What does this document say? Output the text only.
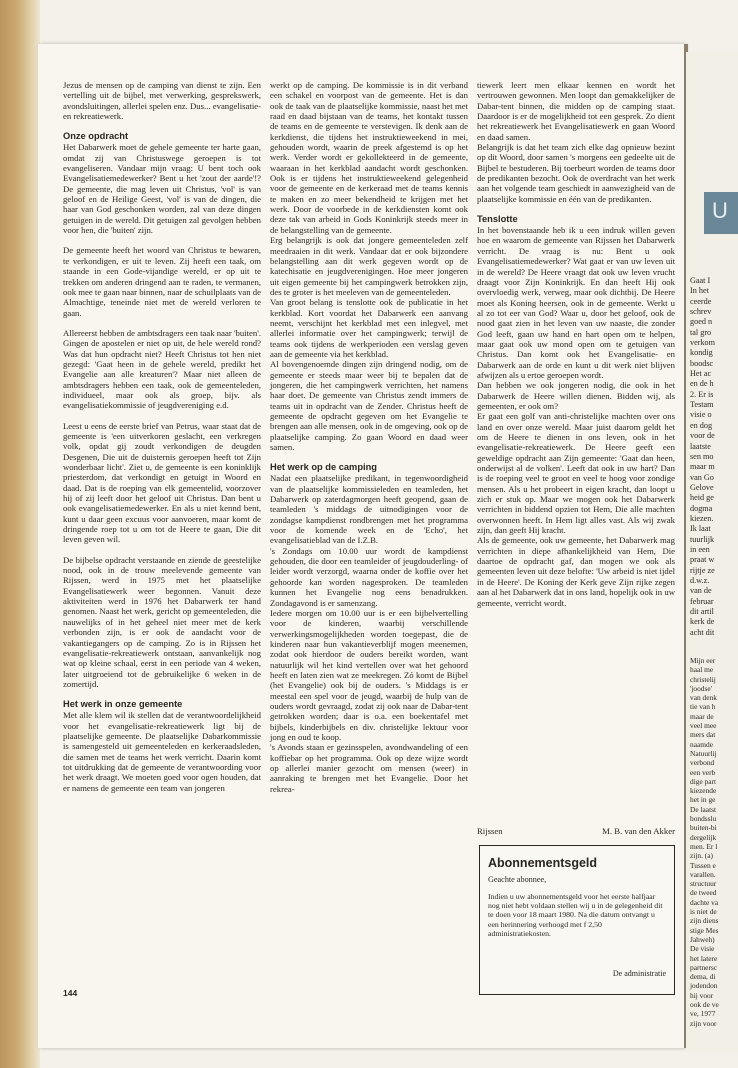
Jezus de mensen op de camping van dienst te zijn. Een vertelling uit de bijbel, met verwerking, gesprekswerk, avondsluitingen, allerlei spelen enz. Dus... evangelisatie- en rekreatiewerk.

Onze opdracht

Het Dabarwerk moet de gehele gemeente ter harte gaan, omdat zij van Christuswege geroepen is tot evangeliseren. Vandaar mijn vraag: U bent toch ook Evangelisatiemedewerker? Bent u het 'zout der aarde'!? De gemeente, die mag leven uit Christus, 'vol' is van geloof en de Heilige Geest, 'vol' is van de dingen, die haar van God geschonken worden, zal van deze dingen getuigen in de wereld. Dit getuigen zal gevolgen hebben voor hen, die 'buiten' zijn.

De gemeente heeft het woord van Christus te bewaren, te verkondigen, er uit te leven. Zij heeft een taak, om staande in een Gode-vijandige wereld, er op uit te trekken om anderen dringend aan te raden, te vermanen, ook mee te gaan naar binnen, naar de schuilplaats van de Almachtige, teneinde niet met de wereld verloren te gaan.

Allereerst hebben de ambtsdragers een taak naar 'buiten'. Gingen de apostelen er niet op uit, de hele wereld rond? Was dat hun opdracht niet? Heeft Christus tot hen niet gezegd: 'Gaat heen in de gehele wereld, predikt het Evangelie aan alle kreaturen'? Maar niet alleen de ambtsdragers hebben een taak, ook de gemeenteleden, individueel, maar ook als groep, bijv. als evangelisatiekommissie of jeugdvereniging e.d.

Leest u eens de eerste brief van Petrus, waar staat dat de gemeente is 'een uitverkoren geslacht, een verkregen volk, opdat gij zoudt verkondigen de deugden Desgenen, Die uit de duisternis geroepen heeft tot Zijn wonderbaar licht'. Ziet u, de gemeente is een koninklijk priesterdom, dat verkondigt en getuigt in Woord en daad. Dat is de roeping van elk gemeentelid, voorzover hij of zij leeft door het geloof uit Christus. Dan bent u ook evangelisatiemedewerker. En als u niet kennd bent, kunt u daar geen excuus voor aanvoeren, maar komt de dringende roep tot u om tot de Heere te gaan, Die dit leven geven wil.

De bijbelse opdracht verstaande en ziende de geestelijke nood, ook in de trouw meelevende gemeente van Rijssen, werd in 1975 met het plaatselijke Evangelisatiewerk weer begonnen. Vanuit deze aktiviteiten werd in 1976 het Dabarwerk ter hand genomen. Naast het werk, gericht op gemeenteleden, die nauwelijks of in het geheel niet meer met de kerk verbonden zijn, is er ook de aandacht voor de vakantiegangers op de camping. Zo is in Rijssen het evangelisatie-rekreatiewerk ontstaan, aanvankelijk nog wat op kleine schaal, eerst in een periode van 4 weken, later uitgroeiend tot de gebruikelijke 6 weken in de zomertijd.

Het werk in onze gemeente

Met alle klem wil ik stellen dat de verantwoordelijkheid voor het evangelisatie-rekreatiewerk ligt bij de plaatselijke gemeente. De plaatselijke Dabarkommissie is samengesteld uit gemeenteleden en kerkeraadsleden, die samen met de teams het werk verricht. Daarin komt tot uitdrukking dat de gemeente de verantwoording voor het werk draagt. We moeten goed voor ogen houden, dat er namens de gemeente een team van jongeren

werkt op de camping. De kommissie is in dit verband een schakel en voorpost van de gemeente. Het is dan ook de taak van de plaatselijke kommissie, naast het met raad en daad bijstaan van de teams, het kontakt tussen de teams en de gemeente te verstevigen. Ik denk aan de kerkdienst, die tijdens het instruktieweekend in mei, gehouden wordt, waarin de preek afgestemd is op het werk. Verder wordt er gekollekteerd in de gemeente, waaraan in het kerkblad aandacht wordt geschonken. Ook is er tijdens het instruktieweekend gelegenheid voor de gemeente en de kerkeraad met de teams kennis te maken en zo meer bekendheid te krijgen met het werk. Door de voorbede in de kerkdiensten komt ook deze tak van arbeid in Gods Koninkrijk steeds meer in de belangstelling van de gemeente.

Erg belangrijk is ook dat jongere gemeenteleden zelf meedraaien in dit werk. Vandaar dat er ook bijzondere belangstelling aan dit werk gegeven wordt op de katechisatie en jeugdverenigingen. Hoe meer jongeren uit eigen gemeente bij het campingwerk betrokken zijn, des te groter is het meeleven van de gemeenteleden.

Van groot belang is tenslotte ook de publicatie in het kerkblad. Kort voordat het Dabarwerk een aanvang neemt, verschijnt het kerkblad met een inlegvel, met allerlei informatie over het campingwerk; terwijl de teams ook tijdens de werkperioden een verslag geven aan de gemeente via het kerkblad.

Al bovengenoemde dingen zijn dringend nodig, om de gemeente er steeds maar weer bij te bepalen dat de jongeren, die het campingwerk verrichten, het namens haar doet. De gemeente van Christus zendt immers de teams uit in opdracht van de Zender. Christus heeft de gemeente de opdracht gegeven om het Evangelie te brengen aan alle mensen, ook in de omgeving, ook op de plaatselijke camping. Zo gaan Woord en daad weer samen.

Het werk op de camping

Nadat een plaatselijke predikant, in tegenwoordigheid van de plaatselijke kommissieleden en teamleden, het Dabarwerk op zaterdagmorgen heeft geopend, gaan de teamleden 's middags de uitnodigingen voor de zondagse kampdienst rondbrengen met het programma voor de komende week en de 'Echo', het evangelisatieblad van de I.Z.B.

's Zondags om 10.00 uur wordt de kampdienst gehouden, die door een teamleider of jeugdouderling- of leider wordt verzorgd, waarna onder de koffie over het gehoorde kan worden nagesproken. De teamleden kunnen het Evangelie nog eens benadrukken. Zondagavond is er samenzang.

Iedere morgen om 10.00 uur is er een bijbelvertelling voor de kinderen, waarbij verschillende verwerkingsmogelijkheden worden toegepast, die de kinderen naar hun vakantieverblijf mogen meenemen, zodat ook hierdoor de ouders bereikt worden, want natuurlijk wil het kind vertellen over wat het gehoord heeft en laten zien wat ze meekregen. Zó komt de Bijbel (het Evangelie) ook bij de ouders. 's Middags is er meestal een spel voor de jeugd, waarbij de hulp van de ouders wordt gevraagd, zodat zij ook naar de Dabar-tent getrokken worden; daar is o.a. een boekentafel met bijbels, kinderbijbels en div. christelijke lektuur voor jong en oud te koop.

's Avonds staan er gezinsspelen, avondwandeling of een koffiebar op het programma. Ook op deze wijze wordt op allerlei manier gezocht om mensen (weer) in aanraking te brengen met het Evangelie. Door het rekrea-

tiewerk leert men elkaar kennen en wordt het vertrouwen gewonnen. Men loopt dan gemakkelijker de Dabar-tent binnen, die midden op de camping staat. Daardoor is er de mogelijkheid tot een gesprek. Zo dient het rekreatiewerk het Evangelisatiewerk en gaan Woord en daad samen.

Belangrijk is dat het team zich elke dag opnieuw bezint op dit Woord, door samen 's morgens een gedeelte uit de Bijbel te bestuderen. Bij toerbeurt worden de teams door de predikanten bezocht. Ook de overdracht van het werk aan het volgende team geschiedt in aanwezigheid van de plaatselijke kommissie en één van de predikanten.

Tenslotte

In het bovenstaande heb ik u een indruk willen geven hoe en waarom de gemeente van Rijssen het Dabarwerk verricht. De vraag is nu: Bent u ook Evangelisatiemedewerker? Wat gaat er van uw leven uit in de wereld? De Heere vraagt dat ook uw leven vrucht draagt voor Zijn Koninkrijk. En dan heeft Hij ook overvloedig werk, verweg, maar ook dichtbij. De Heere moet als Koning heersen, ook in de gemeente. Werkt u al zo tot eer van God? Waar u, door het geloof, ook de nood gaat zien in het leven van uw naaste, die zonder God leeft, gaan uw hand en hart open om te helpen, maar gaat ook uw mond open om te getuigen van Christus. Dan komt ook het Evangelisatie- en Dabarwerk aan de orde en kunt u dit werk niet blijven afwijzen als u ertoe geroepen wordt.

Dan hebben we ook jongeren nodig, die ook in het Dabarwerk de Heere willen dienen. Bidden wij, als gemeenten, er ook om?

Er gaat een golf van anti-christelijke machten over ons land en over onze wereld. Maar juist daarom geldt het om de Heere te dienen in ons leven, ook in het evangelisatie-rekreatiewerk. De Heere geeft een geweldige opdracht aan Zijn gemeente: 'Gaat dan heen, onderwijst al de volken'. Leeft dat ook in uw hart? Dan is de roeping veel te groot en veel te hoog voor zondige mensen. Als u het probeert in eigen kracht, dan loopt u zich er stuk op. Maar we mogen ook het Dabarwerk verrichten in biddend opzien tot Hem, Die alle machten overwonnen heeft. In Hem ligt alles vast. Als wij zwak zijn, dan geeft Hij kracht.

Als de gemeente, ook uw gemeente, het Dabarwerk mag verrichten in diepe afhankelijkheid van Hem, Die daartoe de opdracht gaf, dan mogen we ook als gemeenten leven uit deze belofte: 'Uw arbeid is niet ijdel in de Heere'. De Koning der Kerk geve Zijn rijke zegen aan al het Dabarwerk dat in ons land, hopelijk ook in uw gemeente, verricht wordt.

Rijssen	M. B. van den Akker
Abonnementsgeld
Geachte abonnee,
Indien u uw abonnementsgeld voor het eerste halfjaar nog niet hebt voldaan stellen wij u in de gelegenheid dit te doen voor 18 maart 1980. Na die datum ontvangt u een herinnering verhoogd met f 2,50 administratiekosten.
De administratie
144
U
Gaat I
In het
ceerde
schrev
goed n
tal gro
verkom
kondig
boodsc
Het ac
en de h
2. Er is
Testam
visie o
en dog
voor de
laatste
sen mo
maar m
van Go
Gelove
heid ge
dogma
kiezen.
Ik laat
tuurlijk
in een
praat w
rijtje ze
d.w.z.
van de
februar
dit artil
kerk de
acht dit
Mijn eer
haal me
christelij
'joodse'
van denk
tie van h
maar de
veel mee
mers dat
naamde
Natuurlij
verbond
een verb
dige part
kiezende
het in ge
De laatst
bondsslu
buiten-bi
dergelijk
men. Er l
zijn. (a)
Tussen e
varallen.
structuur
de tweed
dachte va
is niet de
zijn diens
stige Mes
Jahweh)
De visie
het latere
partnersc
dema, di
jodendon
hij voor
ook de ve
ve, 1977
zijn voor
